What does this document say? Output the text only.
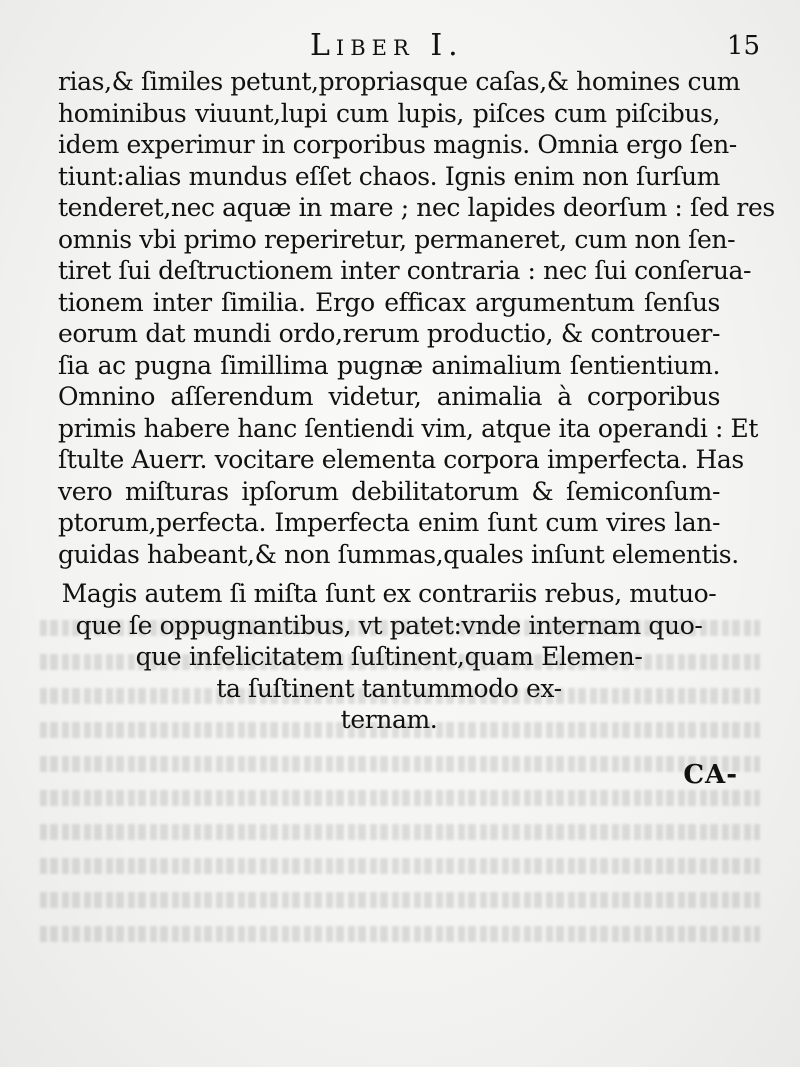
Liber I.	15
rias,& ſimiles petunt,propriasque caſas,& homines cum
hominibus viuunt,lupi cum lupis, piſces cum piſcibus,
idem experimur in corporibus magnis. Omnia ergo ſen-
tiunt:alias mundus eſſet chaos. Ignis enim non ſurſum
tenderet,nec aquæ in mare ; nec lapides deorſum : ſed res
omnis vbi primo reperiretur, permaneret, cum non ſen-
tiret ſui deſtructionem inter contraria : nec ſui conſerua-
tionem inter ſimilia. Ergo efficax argumentum ſenſus
eorum dat mundi ordo,rerum productio, & controuer-
ſia ac pugna ſimillima pugnæ animalium ſentientium.
Omnino aſſerendum videtur, animalia à corporibus
primis habere hanc ſentiendi vim, atque ita operandi : Et
ſtulte Auerr. vocitare elementa corpora imperfecta. Has
vero miſturas ipſorum debilitatorum & ſemiconſum-
ptorum,perfecta. Imperfecta enim ſunt cum vires lan-
guidas habeant,& non ſummas,quales inſunt elementis.
Magis autem ſi miſta ſunt ex contrariis rebus, mutuo-
que ſe oppugnantibus, vt patet:vnde internam quo-
que infelicitatem ſuſtinent,quam Elemen-
ta ſuſtinent tantummodo ex-
ternam.
CA-
